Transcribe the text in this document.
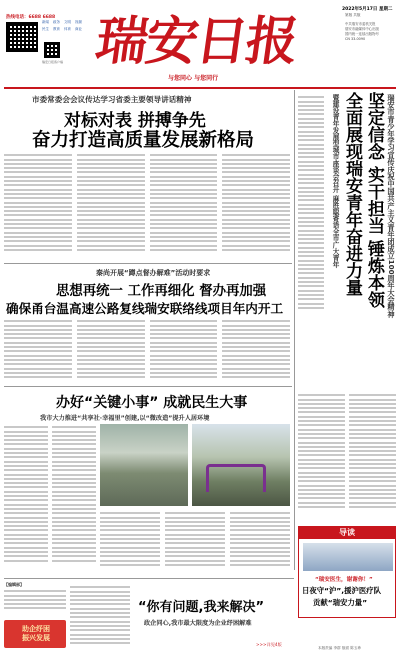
热线电话：6688 6688
新闻	政务	文明	视频
民生	教育	体育	商业
瑞安日报客户端 瑞安日报
与您同心 与您同行
2022年5月17日 星期二
第版 共版
中共瑞安市委机关报
瑞安市融媒体中心出版
国内统一连续出版物号
CN 33-0090
市委常委会会议传达学习省委主要领导讲话精神
对标对表 拼搏争先
奋力打造高质量发展新格局	瑞安市青少年学习宣传庆祝中国共产主义青年团成立100周年大会精神
暨建设青年发展型城市座谈会召开 麻胜聪寄语全市广大青年 坚定信念 实干担当 锤炼本领
全面展现瑞安青年奋进力量
秦尚开展“蹲点督办解难”活动时要求
思想再统一 工作再细化 督办再加强
确保甬台温高速公路复线瑞安联络线项目年内开工
办好“关键小事” 成就民生大事
我市大力推进“共享社·幸福里”创建,以“微改造”提升人居环境
导读
“瑞安医生，谢谢你！”
日夜守“沪”,援沪医疗队
贡献“瑞安力量”
【编辑部】
助企纾困 振兴发展
“你有问题,我来解决”
政企同心,我市最大限度为企业纾困解难
>>>详见4版
本版责编 李群 版面 陈玉珍
